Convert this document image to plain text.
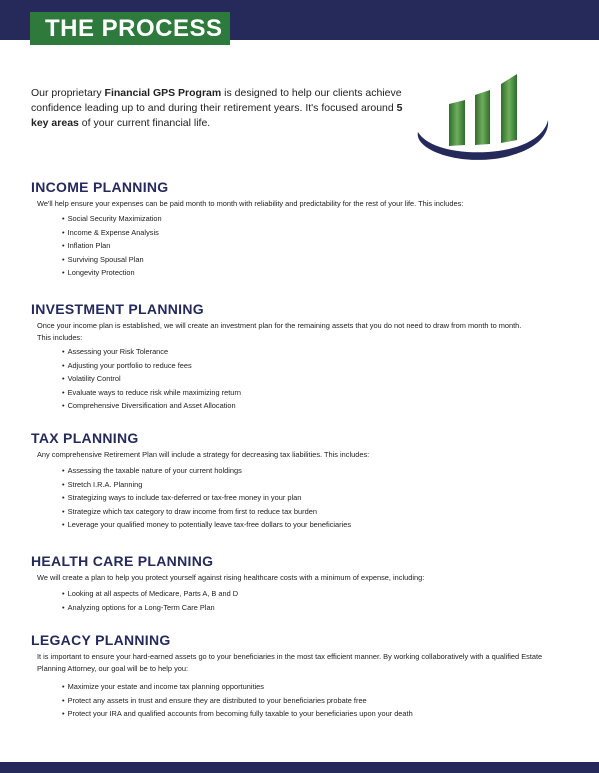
THE PROCESS

Our proprietary Financial GPS Program is designed to help our clients achieve confidence leading up to and during their retirement years. It's focused around 5 key areas of your current financial life.

INCOME PLANNING
We'll help ensure your expenses can be paid month to month with reliability and predictability for the rest of your life. This includes:
• Social Security Maximization
• Income & Expense Analysis
• Inflation Plan
• Surviving Spousal Plan
• Longevity Protection
INVESTMENT PLANNING
Once your income plan is established, we will create an investment plan for the remaining assets that you do not need to draw from month to month. This includes:
• Assessing your Risk Tolerance
• Adjusting your portfolio to reduce fees
• Volatility Control
• Evaluate ways to reduce risk while maximizing return
• Comprehensive Diversification and Asset Allocation
TAX PLANNING
Any comprehensive Retirement Plan will include a strategy for decreasing tax liabilities. This includes:
• Assessing the taxable nature of your current holdings
• Stretch I.R.A. Planning
• Strategizing ways to include tax-deferred or tax-free money in your plan
• Strategize which tax category to draw income from first to reduce tax burden
• Leverage your qualified money to potentially leave tax-free dollars to your beneficiaries
HEALTH CARE PLANNING
We will create a plan to help you protect yourself against rising healthcare costs with a minimum of expense, including:
• Looking at all aspects of Medicare, Parts A, B and D
• Analyzing options for a Long-Term Care Plan
LEGACY PLANNING
It is important to ensure your hard-earned assets go to your beneficiaries in the most tax efficient manner. By working collaboratively with a qualified Estate Planning Attorney, our goal will be to help you:
• Maximize your estate and income tax planning opportunities
• Protect any assets in trust and ensure they are distributed to your beneficiaries probate free
• Protect your IRA and qualified accounts from becoming fully taxable to your beneficiaries upon your death
